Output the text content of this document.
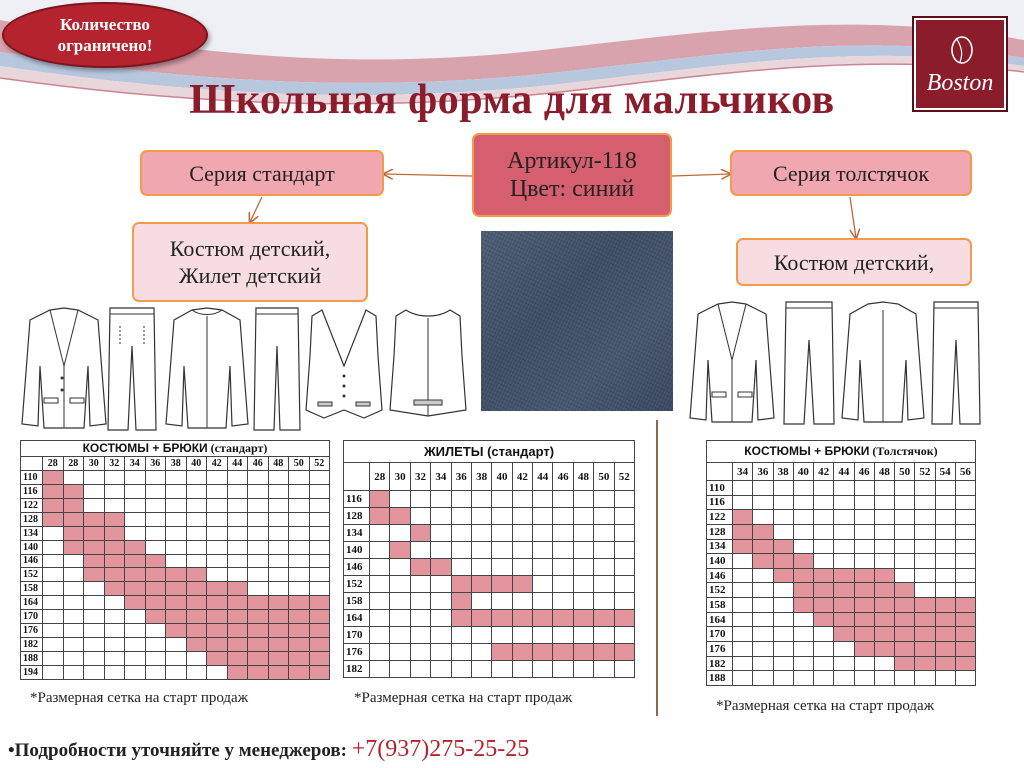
Количество
ограничено!
Boston
Школьная форма для мальчиков
Серия стандарт	Артикул-118
Цвет: синий
Серия толстячок
Костюм детский,
Жилет детский
Костюм детский,
КОСТЮМЫ + БРЮКИ (стандарт)														
	28	28	30	32	34	36	38	40	42	44	46	48	50	52
110														
116														
122														
128														
134														
140														
146														
152														
158														
164														
170														
176														
182														
188														
194														
ЖИЛЕТЫ (стандарт)													
	28	30	32	34	36	38	40	42	44	46	48	50	52
116													
128													
134													
140													
146													
152													
158													
164													
170													
176													
182													
КОСТЮМЫ + БРЮКИ (Толстячок)												
	34	36	38	40	42	44	46	48	50	52	54	56
110												
116												
122												
128												
134												
140												
146												
152												
158												
164												
170												
176												
182												
188												
*Размерная сетка на старт продаж	*Размерная сетка на старт продаж	*Размерная сетка на старт продаж
•Подробности уточняйте у менеджеров: +7(937)275-25-25
